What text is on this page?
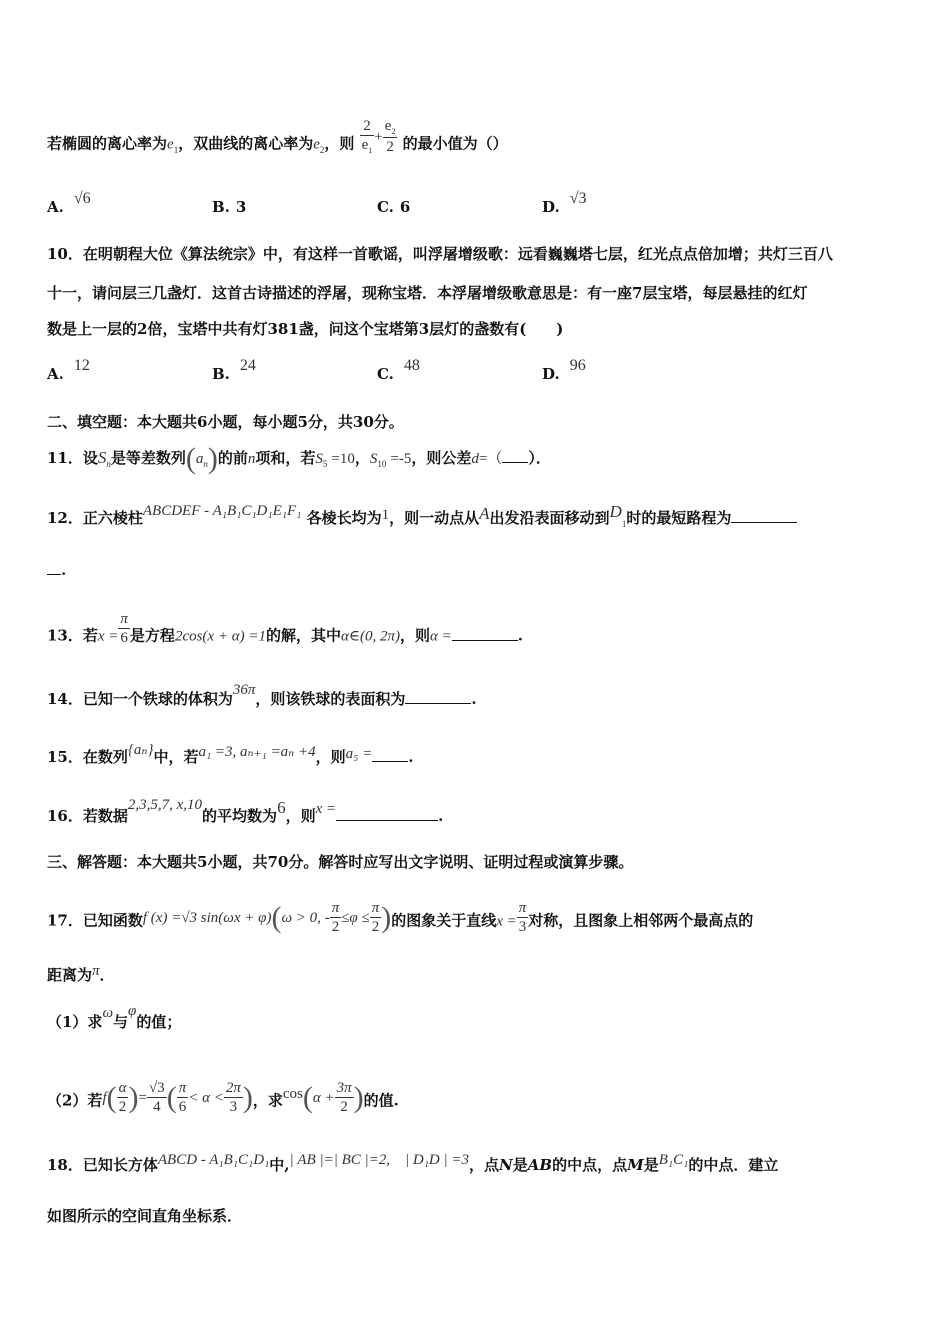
若椭圆的离心率为$e_1$，双曲线的离心率为$e_2$，则 $\frac{2}{e_1} + \frac{e_2}{2}$ 的最小值为（）
A. √6	B. 3	C. 6	D. √3
10．在明朝程大位《算法统宗》中，有这样一首歌谣，叫浮屠增级歌：远看巍巍塔七层，红光点点倍加增；共灯三百八
十一，请问层三几盏灯．这首古诗描述的浮屠，现称宝塔．本浮屠增级歌意思是：有一座7层宝塔，每层悬挂的红灯
数是上一层的2倍，宝塔中共有灯381盏，问这个宝塔第3层灯的盏数有(　　)
A. 12	B. 24	C. 48	D. 96
二、填空题：本大题共6小题，每小题5分，共30分。
11．设$S_n$是等差数列$(a_n)$的前n项和，若$S_5 =10$，$S_{10} =-5$，则公差d=（ ）．
12．正六棱柱ABCDEF - A₁B₁C₁D₁E₁F₁ 各棱长均为1，则一动点从A出发沿表面移动到$D_1$时的最短路程为
.
13．若$x = \frac{\pi}{6}$ 是方程2cos(x + α) =1的解，其中α∈(0, 2π)，则α =	.
14．已知一个铁球的体积为36π，则该铁球的表面积为	.
15．在数列{aₙ}中，若a₁ =3, aₙ₊₁ =aₙ +4，则a₅ = .
16．若数据2,3,5,7, x,10的平均数为6，则x =	.
三、解答题：本大题共5小题，共70分。解答时应写出文字说明、证明过程或演算步骤。
17．已知函数f (x) =√3 sin(ωx + φ)(ω > 0, - $\frac{\pi}{2} \le\varphi \le \frac{\pi}{2}$ )的图象关于直线$x = \frac{\pi}{3}$ 对称，且图象上相邻两个最高点的
距离为π．
（1）求ω与φ的值；
（2）若$f( \frac{\alpha}{2}$ )= $\frac{√3}{4}$ ( $\frac{\pi}{6} < \alpha < \frac{2\pi}{3}$ )，求$\cos(\alpha + \frac{3\pi}{2}$ )的值.
18．已知长方体ABCD - A₁B₁C₁D₁中,| AB |=| BC |=2,　| D₁D | =3，点N是AB的中点，点M是B₁C₁的中点．建立
如图所示的空间直角坐标系．
